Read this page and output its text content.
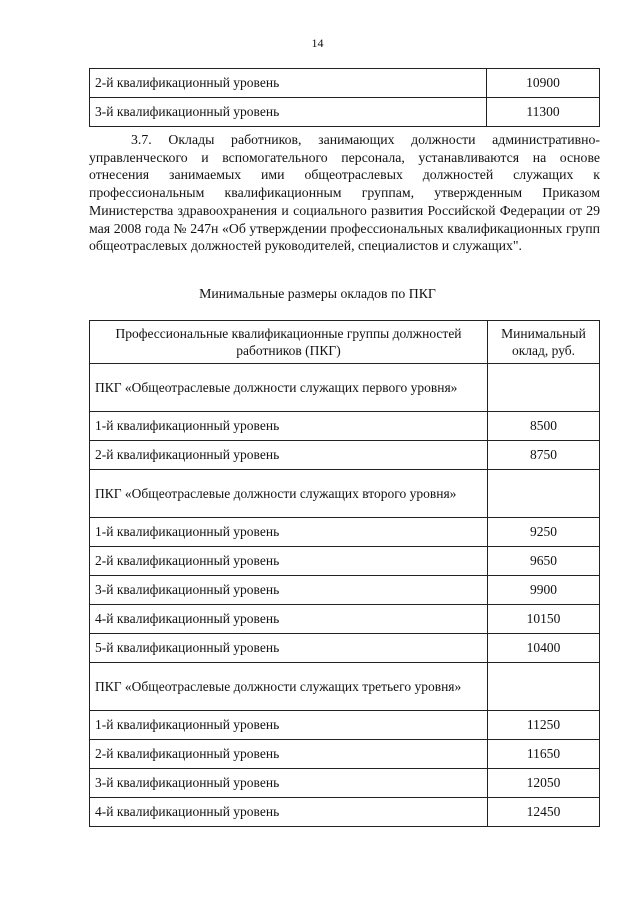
14
2-й квалификационный уровень	10900
3-й квалификационный уровень	11300
3.7. Оклады работников, занимающих должности административно-управленческого и вспомогательного персонала, устанавливаются на основе отнесения занимаемых ими общеотраслевых должностей служащих к профессиональным квалификационным группам, утвержденным Приказом Министерства здравоохранения и социального развития Российской Федерации от 29 мая 2008 года № 247н «Об утверждении профессиональных квалификационных групп общеотраслевых должностей руководителей, специалистов и служащих".
Минимальные размеры окладов по ПКГ
Профессиональные квалификационные группы должностей работников (ПКГ)	Минимальный оклад, руб.
ПКГ «Общеотраслевые должности служащих первого уровня»	
1-й квалификационный уровень	8500
2-й квалификационный уровень	8750
ПКГ «Общеотраслевые должности служащих второго уровня»	
1-й квалификационный уровень	9250
2-й квалификационный уровень	9650
3-й квалификационный уровень	9900
4-й квалификационный уровень	10150
5-й квалификационный уровень	10400
ПКГ «Общеотраслевые должности служащих третьего уровня»	
1-й квалификационный уровень	11250
2-й квалификационный уровень	11650
3-й квалификационный уровень	12050
4-й квалификационный уровень	12450
